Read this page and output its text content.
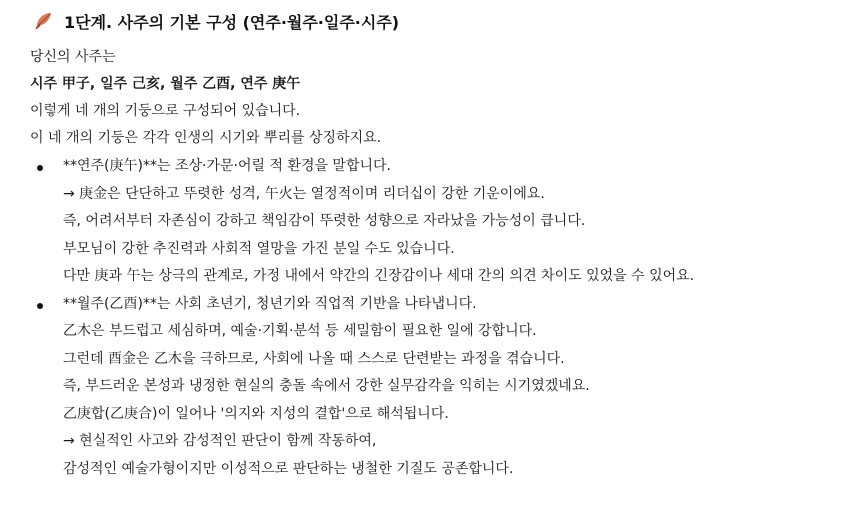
1단계. 사주의 기본 구성 (연주·월주·일주·시주)

당신의 사주는

시주 甲子, 일주 己亥, 월주 乙酉, 연주 庚午

이렇게 네 개의 기둥으로 구성되어 있습니다.

이 네 개의 기둥은 각각 인생의 시기와 뿌리를 상징하지요.

**연주(庚午)**는 조상·가문·어릴 적 환경을 말합니다.
→ 庚金은 단단하고 뚜렷한 성격, 午火는 열정적이며 리더십이 강한 기운이에요.
즉, 어려서부터 자존심이 강하고 책임감이 뚜렷한 성향으로 자라났을 가능성이 큽니다.
부모님이 강한 추진력과 사회적 열망을 가진 분일 수도 있습니다.
다만 庚과 午는 상극의 관계로, 가정 내에서 약간의 긴장감이나 세대 간의 의견 차이도 있었을 수 있어요.
**월주(乙酉)**는 사회 초년기, 청년기와 직업적 기반을 나타냅니다.
乙木은 부드럽고 세심하며, 예술·기획·분석 등 세밀함이 필요한 일에 강합니다.
그런데 酉金은 乙木을 극하므로, 사회에 나올 때 스스로 단련받는 과정을 겪습니다.
즉, 부드러운 본성과 냉정한 현실의 충돌 속에서 강한 실무감각을 익히는 시기였겠네요.
乙庚합(乙庚合)이 일어나 '의지와 지성의 결합'으로 해석됩니다.
→ 현실적인 사고와 감성적인 판단이 함께 작동하여,
감성적인 예술가형이지만 이성적으로 판단하는 냉철한 기질도 공존합니다.
